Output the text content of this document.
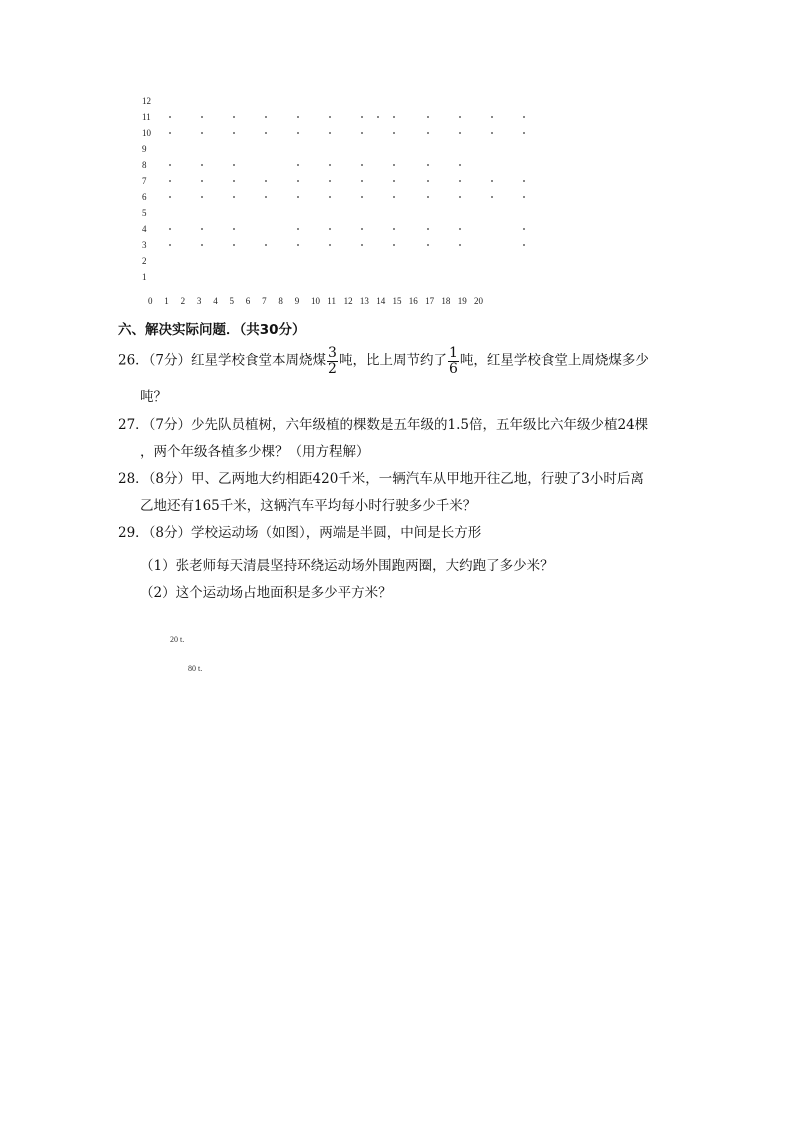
12
11
10
9
8
7
6
5
4
3
2
1
0 1 2 3 4 5 6 7 8 9 10 11 12 13 14 15 16 17 18 19 20
六、解决实际问题．（共30分）
26．（7分）红星学校食堂本周烧煤 $\frac{3}{2}$ 吨，比上周节约了 $\frac{1}{6}$ 吨，红星学校食堂上周烧煤多少
吨？
27．（7分）少先队员植树，六年级植的棵数是五年级的1.5倍，五年级比六年级少植24棵
，两个年级各植多少棵？（用方程解）
28．（8分）甲、乙两地大约相距420千米，一辆汽车从甲地开往乙地，行驶了3小时后离
乙地还有165千米，这辆汽车平均每小时行驶多少千米？
29．（8分）学校运动场（如图），两端是半圆，中间是长方形
（1）张老师每天清晨坚持环绕运动场外围跑两圈，大约跑了多少米？
（2）这个运动场占地面积是多少平方米？
20 t.
80 t.
